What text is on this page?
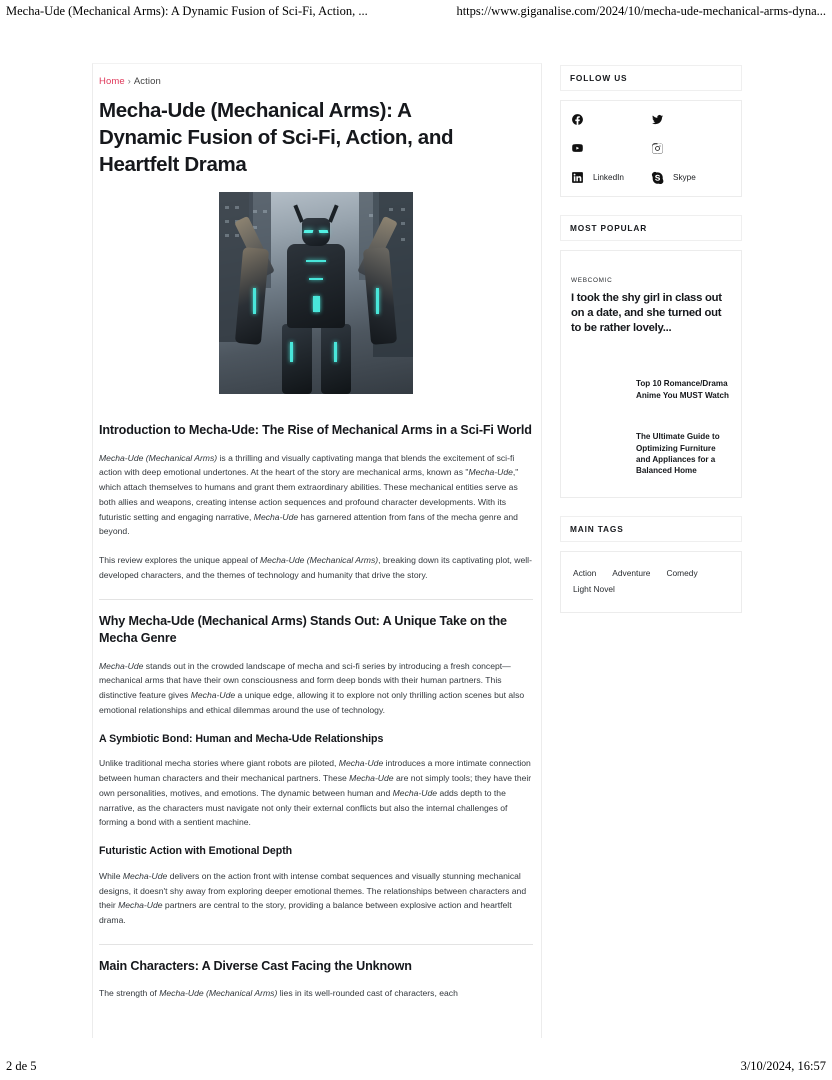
Mecha-Ude (Mechanical Arms): A Dynamic Fusion of Sci-Fi, Action, ...	https://www.giganalise.com/2024/10/mecha-ude-mechanical-arms-dyna...
Home › Action
Mecha-Ude (Mechanical Arms): A Dynamic Fusion of Sci-Fi, Action, and Heartfelt Drama
Introduction to Mecha-Ude: The Rise of Mechanical Arms in a Sci-Fi World

Mecha-Ude (Mechanical Arms) is a thrilling and visually captivating manga that blends the excitement of sci-fi action with deep emotional undertones. At the heart of the story are mechanical arms, known as "Mecha-Ude," which attach themselves to humans and grant them extraordinary abilities. These mechanical entities serve as both allies and weapons, creating intense action sequences and profound character developments. With its futuristic setting and engaging narrative, Mecha-Ude has garnered attention from fans of the mecha genre and beyond.

This review explores the unique appeal of Mecha-Ude (Mechanical Arms), breaking down its captivating plot, well-developed characters, and the themes of technology and humanity that drive the story.

Why Mecha-Ude (Mechanical Arms) Stands Out: A Unique Take on the Mecha Genre

Mecha-Ude stands out in the crowded landscape of mecha and sci-fi series by introducing a fresh concept—mechanical arms that have their own consciousness and form deep bonds with their human partners. This distinctive feature gives Mecha-Ude a unique edge, allowing it to explore not only thrilling action scenes but also emotional relationships and ethical dilemmas around the use of technology.

A Symbiotic Bond: Human and Mecha-Ude Relationships

Unlike traditional mecha stories where giant robots are piloted, Mecha-Ude introduces a more intimate connection between human characters and their mechanical partners. These Mecha-Ude are not simply tools; they have their own personalities, motives, and emotions. The dynamic between human and Mecha-Ude adds depth to the narrative, as the characters must navigate not only their external conflicts but also the internal challenges of forming a bond with a sentient machine.

Futuristic Action with Emotional Depth

While Mecha-Ude delivers on the action front with intense combat sequences and visually stunning mechanical designs, it doesn't shy away from exploring deeper emotional themes. The relationships between characters and their Mecha-Ude partners are central to the story, providing a balance between explosive action and heartfelt drama.

Main Characters: A Diverse Cast Facing the Unknown

The strength of Mecha-Ude (Mechanical Arms) lies in its well-rounded cast of characters, each

FOLLOW US
LinkedIn	Skype
MOST POPULAR
WEBCOMIC
I took the shy girl in class out on a date, and she turned out to be rather lovely...
Top 10 Romance/Drama Anime You MUST Watch
The Ultimate Guide to Optimizing Furniture and Appliances for a Balanced Home
MAIN TAGS
Action Adventure Comedy
Light Novel
2 de 5	3/10/2024, 16:57
